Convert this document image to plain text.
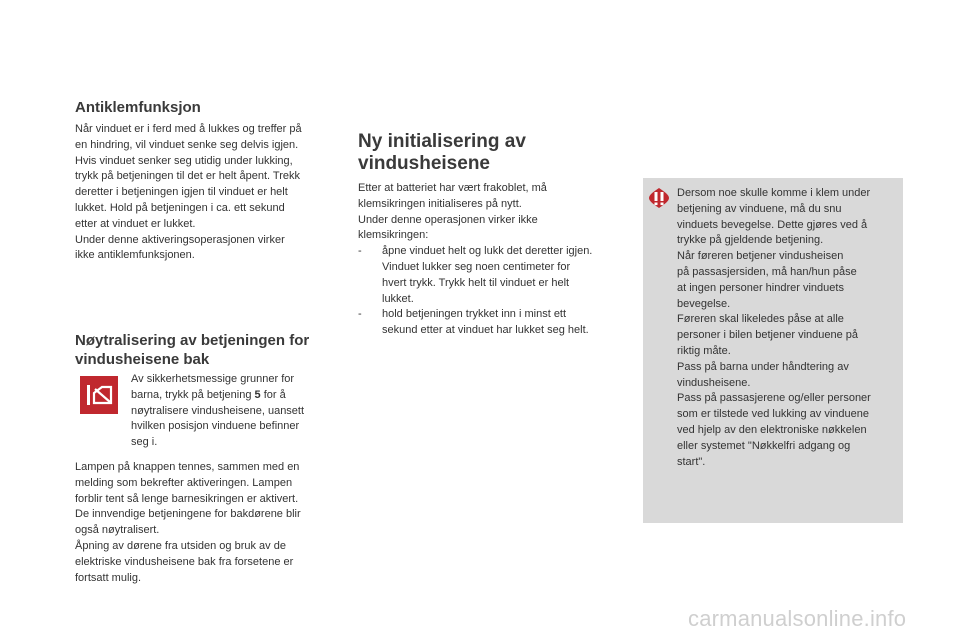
Antiklemfunksjon

Når vinduet er i ferd med å lukkes og treffer på

en hindring, vil vinduet senke seg delvis igjen.

Hvis vinduet senker seg utidig under lukking,

trykk på betjeningen til det er helt åpent. Trekk

deretter i betjeningen igjen til vinduet er helt

lukket. Hold på betjeningen i ca. ett sekund

etter at vinduet er lukket.

Under denne aktiveringsoperasjonen virker

ikke antiklemfunksjonen.

Nøytralisering av betjeningen for
vindusheisene bak

Av sikkerhetsmessige grunner for

barna, trykk på betjening 5 for å

nøytralisere vindusheisene, uansett

hvilken posisjon vinduene befinner

seg i.

Lampen på knappen tennes, sammen med en

melding som bekrefter aktiveringen. Lampen

forblir tent så lenge barnesikringen er aktivert.

De innvendige betjeningene for bakdørene blir

også nøytralisert.

Åpning av dørene fra utsiden og bruk av de

elektriske vindusheisene bak fra forsetene er

fortsatt mulig.

Ny initialisering av
vindusheisene

Etter at batteriet har vært frakoblet, må

klemsikringen initialiseres på nytt.

Under denne operasjonen virker ikke

klemsikringen:

- åpne vinduet helt og lukk det deretter igjen.

Vinduet lukker seg noen centimeter for

hvert trykk. Trykk helt til vinduet er helt

lukket.

- hold betjeningen trykket inn i minst ett

sekund etter at vinduet har lukket seg helt.

Dersom noe skulle komme i klem under

betjening av vinduene, må du snu

vinduets bevegelse. Dette gjøres ved å

trykke på gjeldende betjening.

Når føreren betjener vindusheisen

på passasjersiden, må han/hun påse

at ingen personer hindrer vinduets

bevegelse.

Føreren skal likeledes påse at alle

personer i bilen betjener vinduene på

riktig måte.

Pass på barna under håndtering av

vindusheisene.

Pass på passasjerene og/eller personer

som er tilstede ved lukking av vinduene

ved hjelp av den elektroniske nøkkelen

eller systemet "Nøkkelfri adgang og

start".

carmanualsonline.info
